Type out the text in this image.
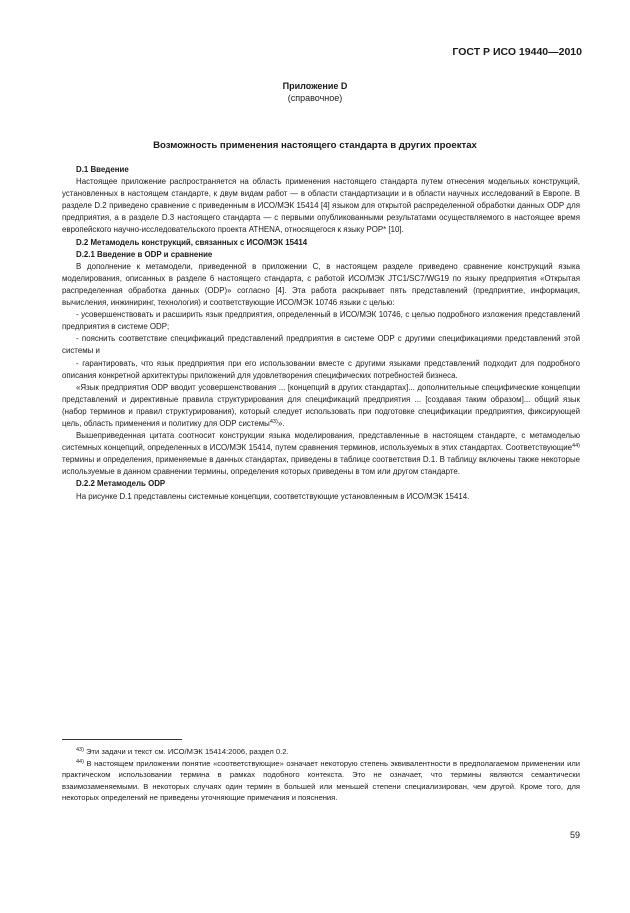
ГОСТ Р ИСО 19440—2010
Приложение D
(справочное)
Возможность применения настоящего стандарта в других проектах

D.1 Введение

Настоящее приложение распространяется на область применения настоящего стандарта путем отнесения модельных конструкций, установленных в настоящем стандарте, к двум видам работ — в области стандартизации и в области научных исследований в Европе. В разделе D.2 приведено сравнение с приведенным в ИСО/МЭК 15414 [4] языком для открытой распределенной обработки данных ODP для предприятия, а в разделе D.3 настоящего стандарта — с первыми опубликованными результатами осуществляемого в настоящее время европейского научно-исследовательского проекта ATHENA, относящегося к языку POP* [10].

D.2 Метамодель конструкций, связанных с ИСО/МЭК 15414

D.2.1 Введение в ODP и сравнение

В дополнение к метамодели, приведенной в приложении С, в настоящем разделе приведено сравнение конструкций языка моделирования, описанных в разделе 6 настоящего стандарта, с работой ИСО/МЭК JTC1/SC7/WG19 по языку предприятия «Открытая распределенная обработка данных (ODP)» согласно [4]. Эта работа раскрывает пять представлений (предприятие, информация, вычисления, инжиниринг, технология) и соответствующие ИСО/МЭК 10746 языки с целью:

- усовершенствовать и расширить язык предприятия, определенный в ИСО/МЭК 10746, с целью подробного изложения представлений предприятия в системе ODP;

- пояснить соответствие спецификаций представлений предприятия в системе ODP с другими спецификациями представлений этой системы и

- гарантировать, что язык предприятия при его использовании вместе с другими языками представлений подходит для подробного описания конкретной архитектуры приложений для удовлетворения специфических потребностей бизнеса.

«Язык предприятия ODP вводит усовершенствования ... [концепций в других стандартах]... дополнительные специфические концепции представлений и директивные правила структурирования для спецификаций предприятия ... [создавая таким образом]... общий язык (набор терминов и правил структурирования), который следует использовать при подготовке спецификации предприятия, фиксирующей цель, область применения и политику для ODP системы$^{43)}$».

Вышеприведенная цитата соотносит конструкции языка моделирования, представленные в настоящем стандарте, с метамоделью системных концепций, определенных в ИСО/МЭК 15414, путем сравнения терминов, используемых в этих стандартах. Соответствующие$^{44)}$ термины и определения, применяемые в данных стандартах, приведены в таблице соответствия D.1. В таблицу включены также некоторые используемые в данном сравнении термины, определения которых приведены в том или другом стандарте.

D.2.2 Метамодель ODP

На рисунке D.1 представлены системные концепции, соответствующие установленным в ИСО/МЭК 15414.

$^{43)}$ Эти задачи и текст см. ИСО/МЭК 15414:2006, раздел 0.2.

$^{44)}$ В настоящем приложении понятие «соответствующие» означает некоторую степень эквивалентности в предполагаемом применении или практическом использовании термина в рамках подобного контекста. Это не означает, что термины являются семантически взаимозаменяемыми. В некоторых случаях один термин в большей или меньшей степени специализирован, чем другой. Кроме того, для некоторых определений не приведены уточняющие примечания и пояснения.

59
